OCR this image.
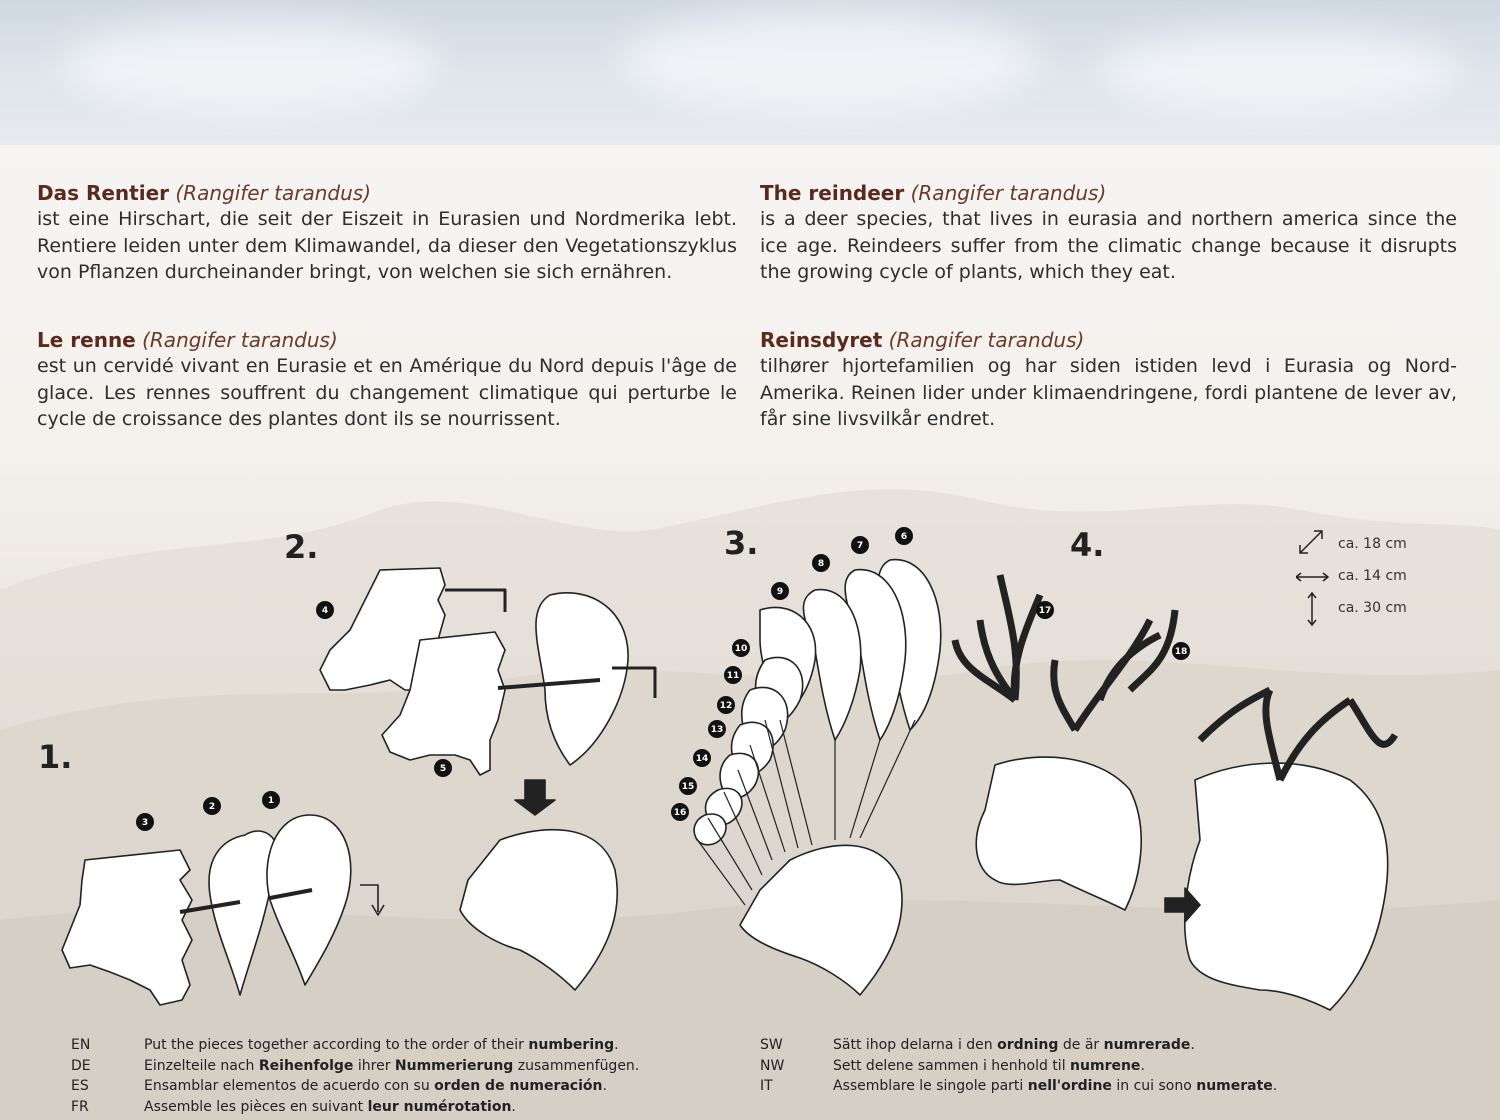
Das Rentier (Rangifer tarandus)

ist eine Hirschart, die seit der Eiszeit in Eurasien und Nordmerika lebt. Rentiere leiden unter dem Klimawandel, da dieser den Vegetationszyklus von Pflanzen durcheinander bringt, von welchen sie sich ernähren.

The reindeer (Rangifer tarandus)

is a deer species, that lives in eurasia and northern america since the ice age. Reindeers suffer from the climatic change because it disrupts the growing cycle of plants, which they eat.

Le renne (Rangifer tarandus)

est un cervidé vivant en Eurasie et en Amérique du Nord depuis l'âge de glace. Les rennes souffrent du changement climatique qui perturbe le cycle de croissance des plantes dont ils se nourrissent.

Reinsdyret (Rangifer tarandus)

tilhører hjortefamilien og har siden istiden levd i Eurasia og Nord-Amerika. Reinen lider under klimaendringene, fordi plantene de lever av, får sine livsvilkår endret.

1.
2.	3.	4.	ca. 18 cm
ca. 14 cm
ca. 30 cm
1
2
3
4
5
6
7
8
9
10
11
12
13
14
15
16
17
18
EN	Put the pieces together according to the order of their numbering.
DE	Einzelteile nach Reihenfolge ihrer Nummerierung zusammenfügen.
ES	Ensamblar elementos de acuerdo con su orden de numeración.
FR	Assemble les pièces en suivant leur numérotation.
SW	Sätt ihop delarna i den ordning de är numrerade.
NW	Sett delene sammen i henhold til numrene.
IT	Assemblare le singole parti nell'ordine in cui sono numerate.
